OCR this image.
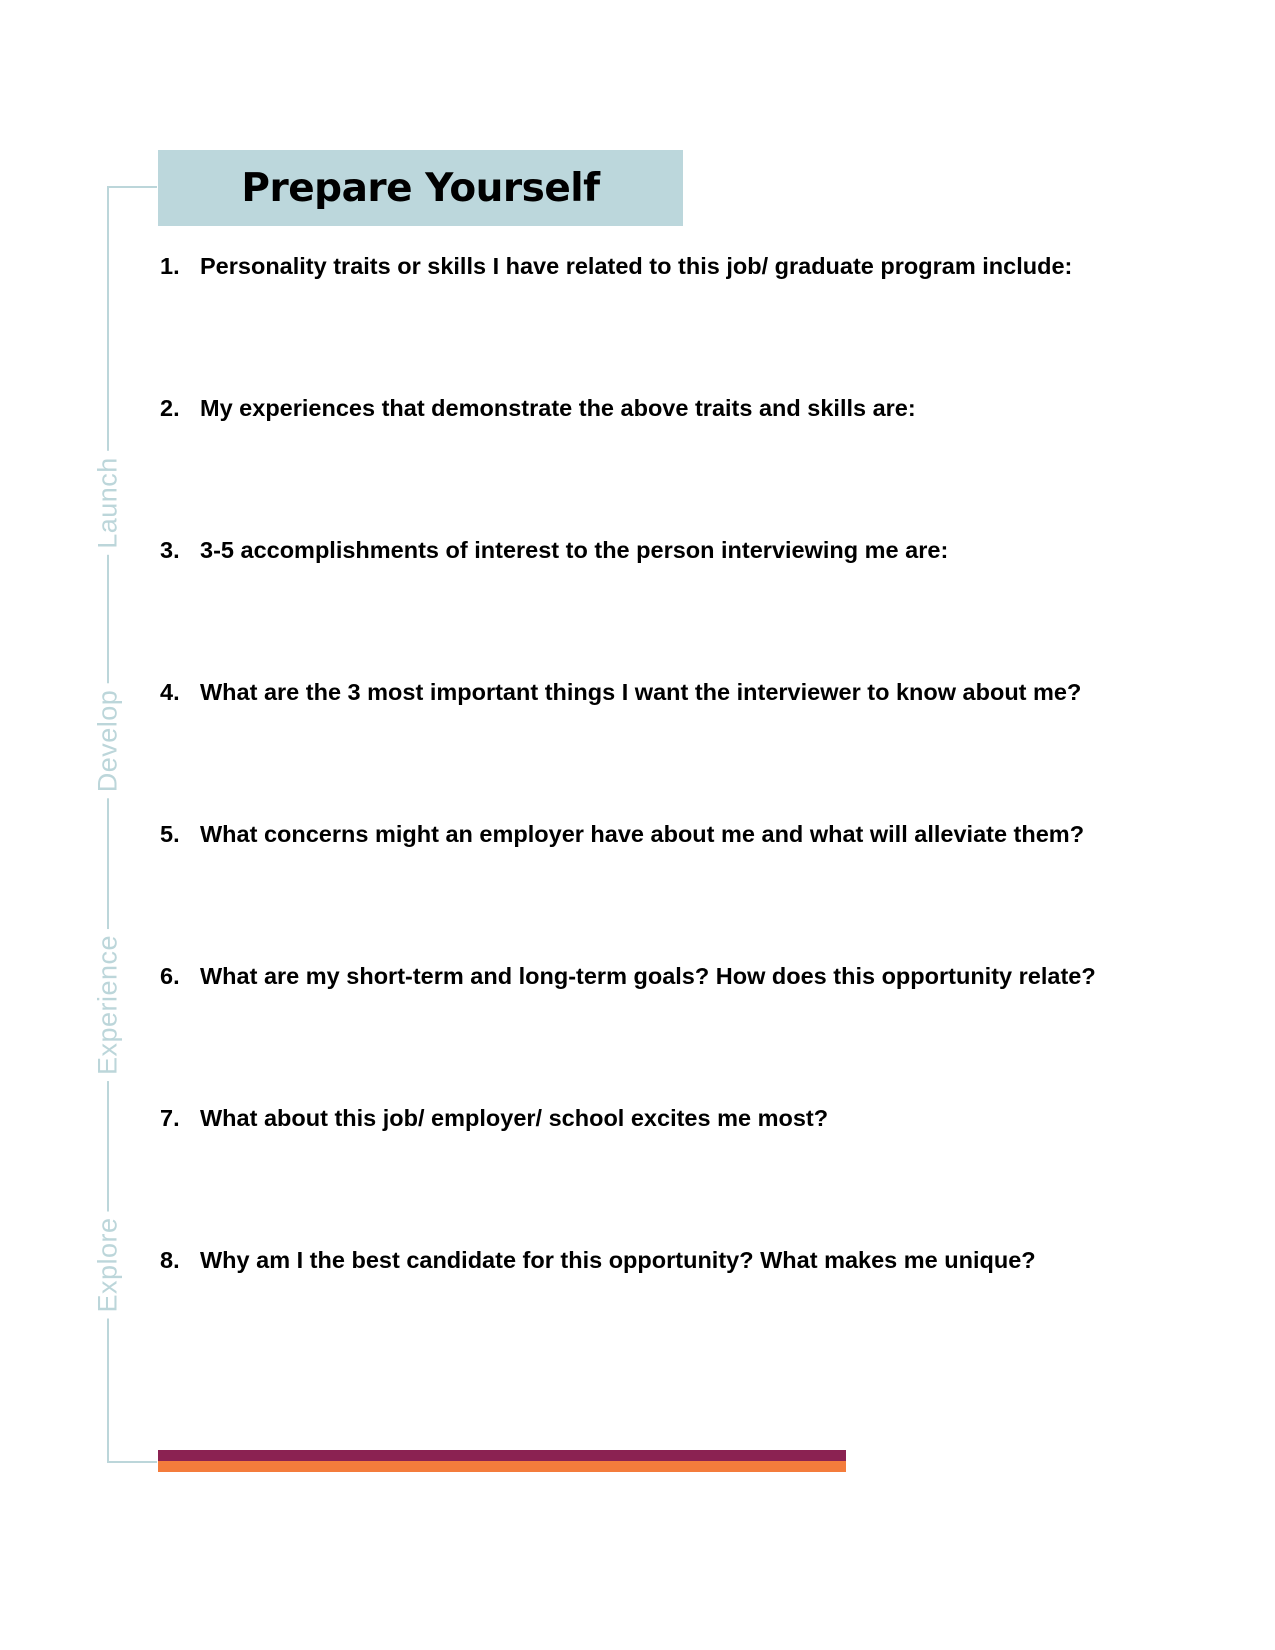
Launch
Develop
Experience
Explore
Prepare Yourself
1. Personality traits or skills I have related to this job/ graduate program include:
2. My experiences that demonstrate the above traits and skills are:
3. 3-5 accomplishments of interest to the person interviewing me are:
4. What are the 3 most important things I want the interviewer to know about me?
5. What concerns might an employer have about me and what will alleviate them?
6. What are my short-term and long-term goals? How does this opportunity relate?
7. What about this job/ employer/ school excites me most?
8. Why am I the best candidate for this opportunity? What makes me unique?
